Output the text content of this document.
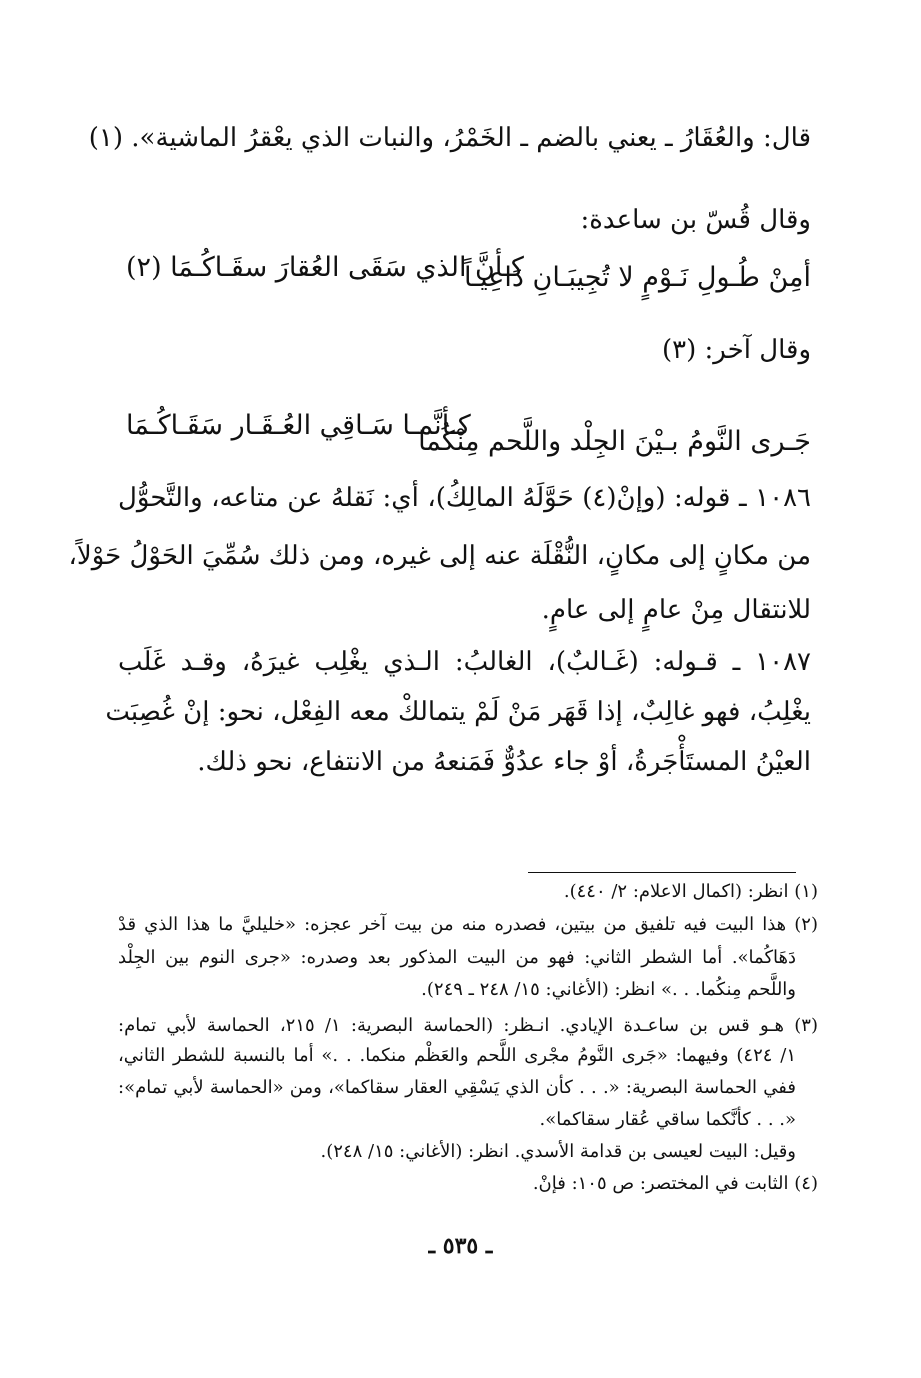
قال: والعُقَارُ ـ يعني بالضم ـ الخَمْرُ، والنبات الذي يعْقرُ الماشية». (١)
وقال قُسّ بن ساعدة:
أمِنْ طُـولِ نَـوْمٍ لا تُجِيبَـانِ دَاعِيـاً
كـأنَّ الذي سَقَى العُقارَ سقَـاكُـمَا (٢)
وقال آخر: (٣)
جَـرى النَّومُ بـيْنَ الجِلْد واللَّحم مِنْكُما
كـأنَّمـا سَـاقِي العُـقَـار سَقَـاكُـمَا
١٠٨٦ ـ قوله: (وإنْ(٤) حَوَّلَهُ المالِكُ)، أي: نَقلهُ عن متاعه، والتَّحوُّل
من مكانٍ إلى مكانٍ، النُّقْلَة عنه إلى غيره، ومن ذلك سُمِّيَ الحَوْلُ حَوْلاً،
للانتقال مِنْ عامٍ إلى عامٍ.
١٠٨٧ ـ قـوله: (غَـالبٌ)، الغالبُ: الـذي يغْلِب غيرَهُ، وقـد غَلَب
يغْلِبُ، فهو غالِبٌ، إذا قَهَر مَنْ لَمْ يتمالكْ معه الفِعْل، نحو: إنْ غُصِبَت
العيْنُ المستَأْجَرةُ، أوْ جاء عدُوٌّ فَمَنعهُ من الانتفاع، نحو ذلك.
(١) انظر: (اكمال الاعلام: ٢/ ٤٤٠).
(٢) هذا البيت فيه تلفيق من بيتين، فصدره منه من بيت آخر عجزه: «خليليَّ ما هذا الذي قدْ
دَهَاكُما». أما الشطر الثاني: فهو من البيت المذكور بعد وصدره: «جرى النوم بين الجِلْد
واللَّحم مِنكُما. . .» انظر: (الأغاني: ١٥/ ٢٤٨ ـ ٢٤٩).
(٣) هـو قس بن ساعـدة الإيادي. انـظر: (الحماسة البصرية: ١/ ٢١٥، الحماسة لأبي تمام:
١/ ٤٢٤) وفيهما: «جَرى النَّومُ مجْرى اللَّحم والعَظْم منكما. . .» أما بالنسبة للشطر الثاني،
ففي الحماسة البصرية: «. . . كأن الذي يَسْقِي العقار سقاكما»، ومن «الحماسة لأبي تمام»:
«. . . كأنَّكما ساقي عُقار سقاكما».
وقيل: البيت لعيسى بن قدامة الأسدي. انظر: (الأغاني: ١٥/ ٢٤٨).
(٤) الثابت في المختصر: ص ١٠٥: فإنْ.
ـ ٥٣٥ ـ
